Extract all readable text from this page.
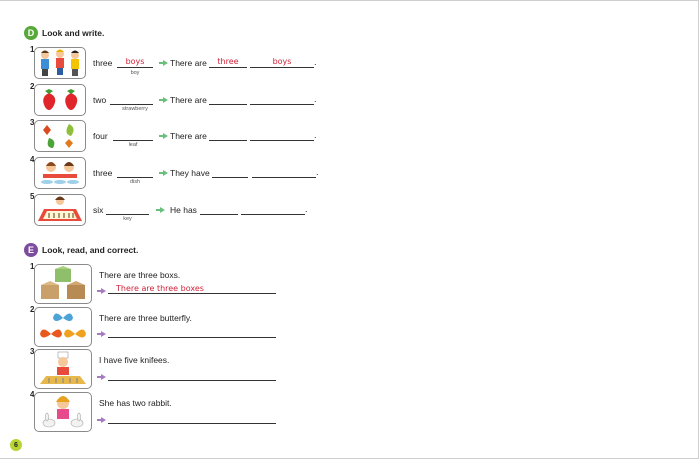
D Look and write.
1
three	boys
boy
There are	three	boys	.
2
two
strawberry
There are	.
3
four
leaf
There are	.
4
three
dish
They have	.
5
six
key
He has	.
E Look, read, and correct.
1
There are three boxs.
There are three boxes
2
There are three butterfly.
3
I have five knifees.
4
She has two rabbit.
6
